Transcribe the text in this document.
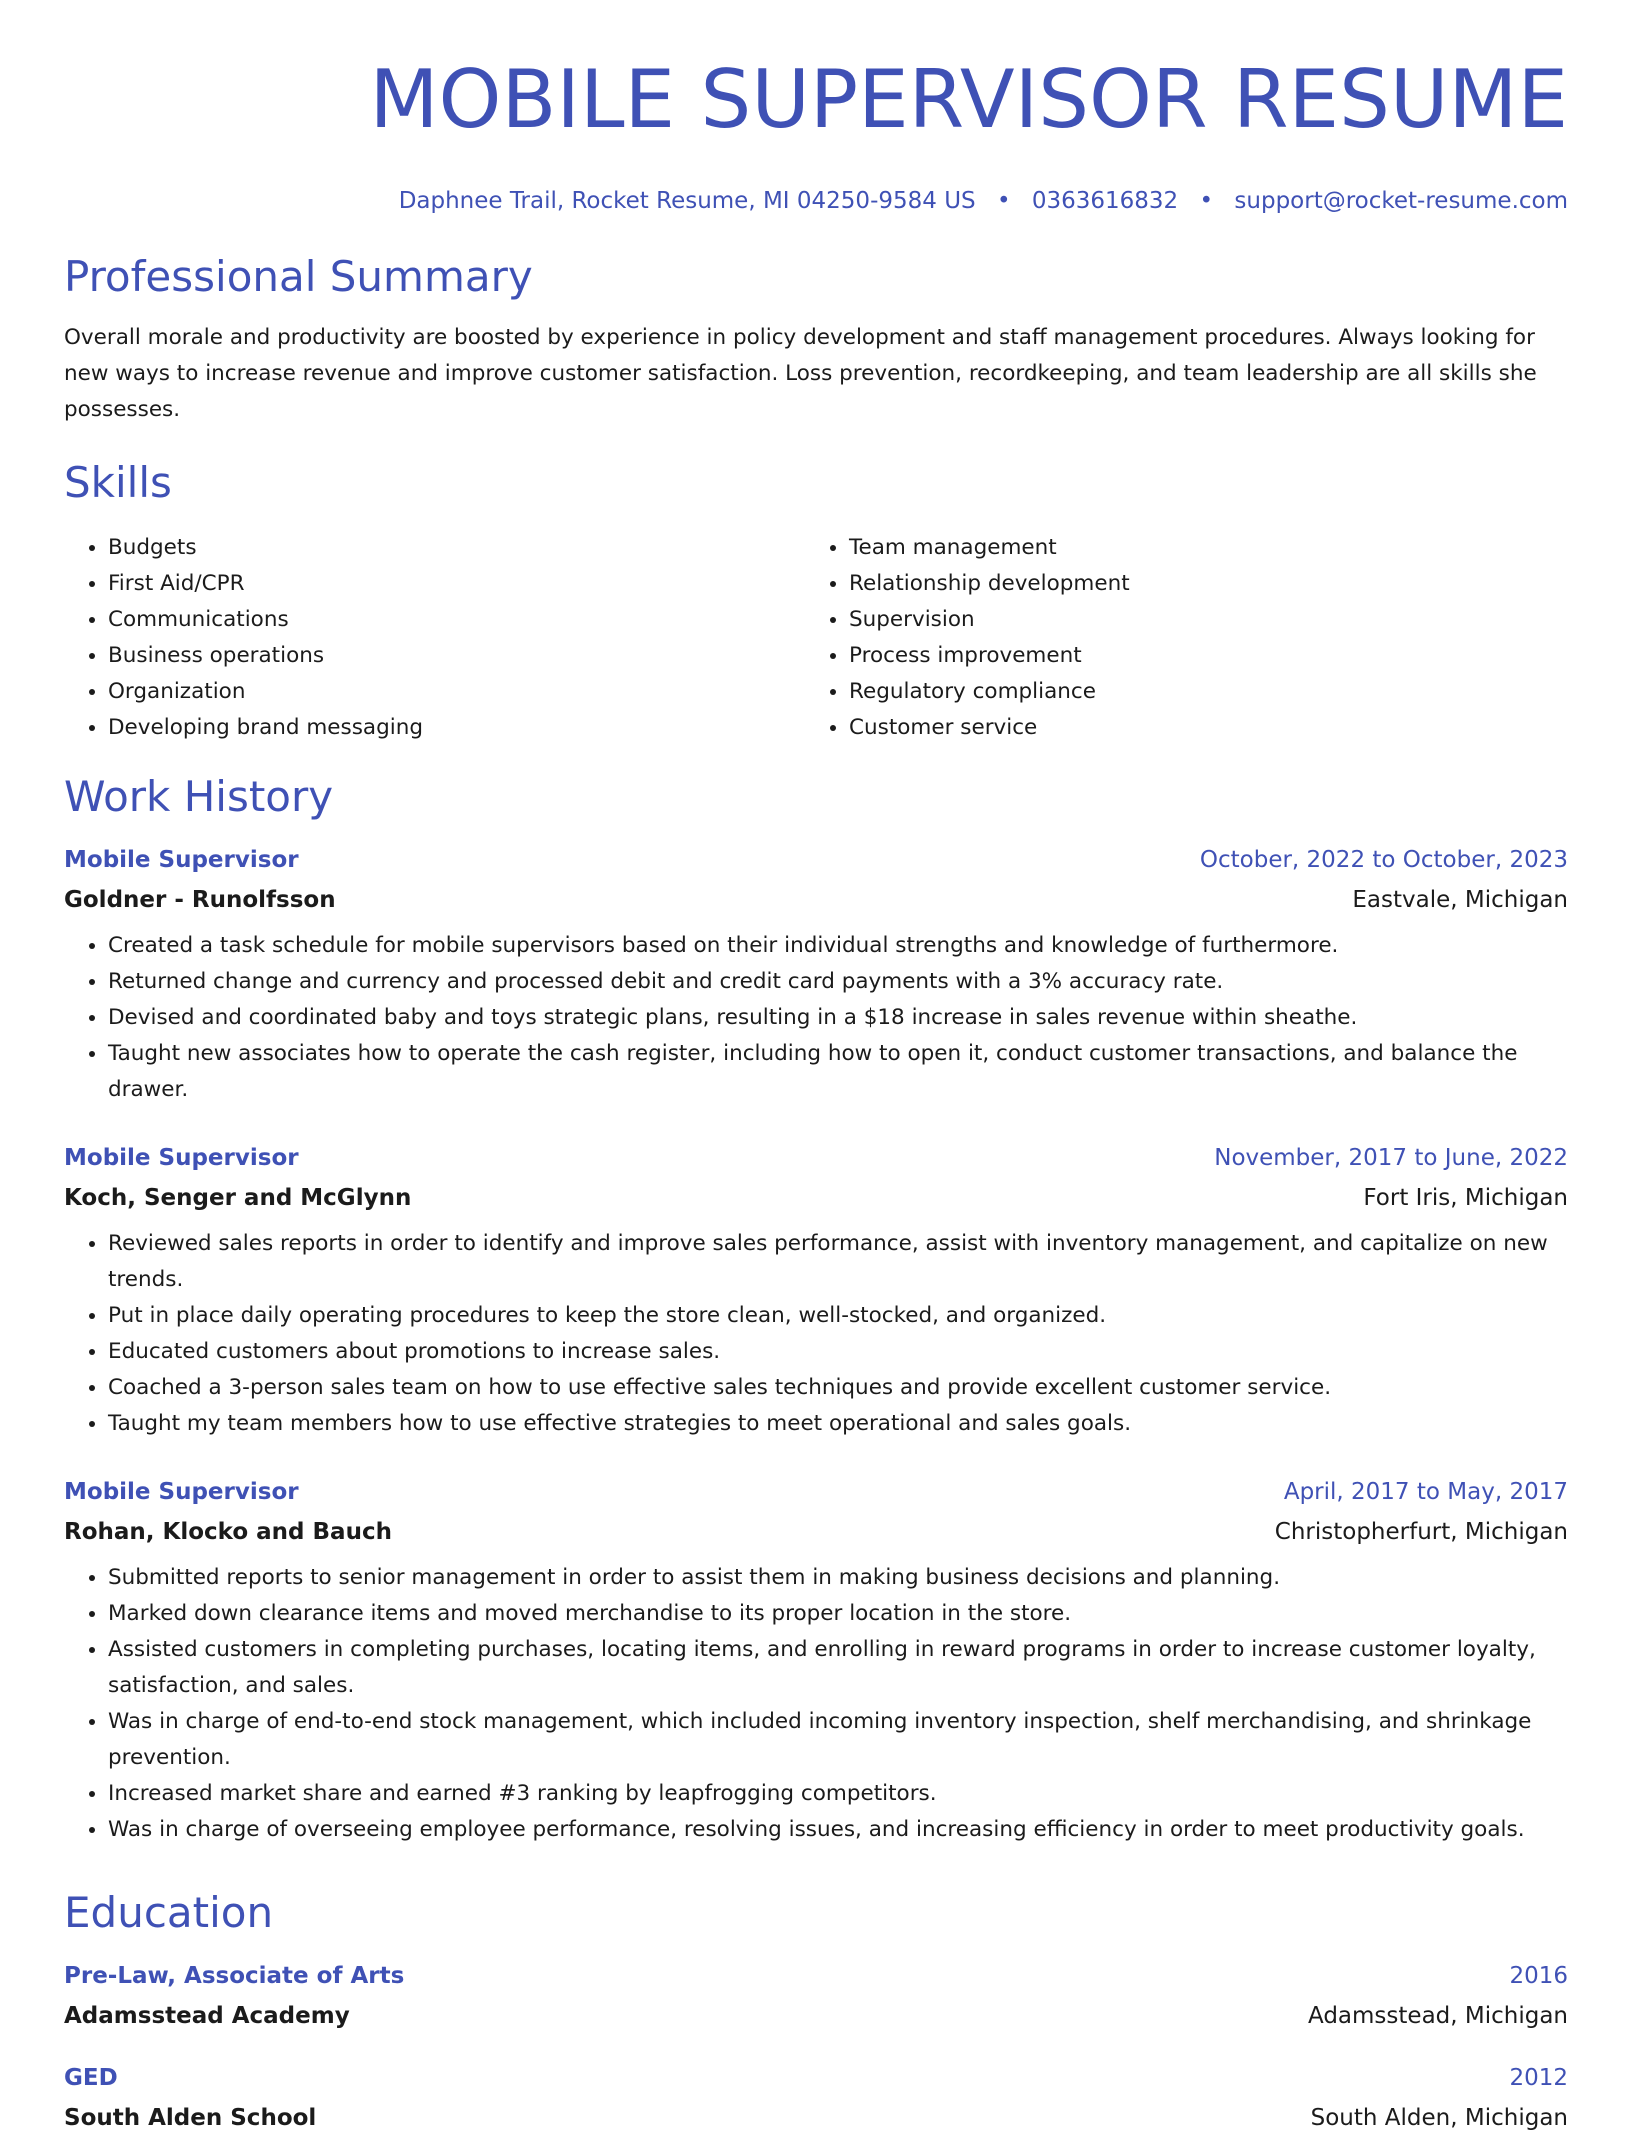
MOBILE SUPERVISOR RESUME
Daphnee Trail, Rocket Resume, MI 04250-9584 US • 0363616832 • support@rocket-resume.com
Professional Summary
Overall morale and productivity are boosted by experience in policy development and staff management procedures. Always looking for new ways to increase revenue and improve customer satisfaction. Loss prevention, recordkeeping, and team leadership are all skills she possesses.
Skills
• Budgets
• First Aid/CPR
• Communications
• Business operations
• Organization
• Developing brand messaging
• Team management
• Relationship development
• Supervision
• Process improvement
• Regulatory compliance
• Customer service
Work History
Mobile Supervisor	October, 2022 to October, 2023
Goldner - Runolfsson	Eastvale, Michigan
• Created a task schedule for mobile supervisors based on their individual strengths and knowledge of furthermore.
• Returned change and currency and processed debit and credit card payments with a 3% accuracy rate.
• Devised and coordinated baby and toys strategic plans, resulting in a $18 increase in sales revenue within sheathe.
• Taught new associates how to operate the cash register, including how to open it, conduct customer transactions, and balance the drawer.
Mobile Supervisor	November, 2017 to June, 2022
Koch, Senger and McGlynn	Fort Iris, Michigan
• Reviewed sales reports in order to identify and improve sales performance, assist with inventory management, and capitalize on new trends.
• Put in place daily operating procedures to keep the store clean, well-stocked, and organized.
• Educated customers about promotions to increase sales.
• Coached a 3-person sales team on how to use effective sales techniques and provide excellent customer service.
• Taught my team members how to use effective strategies to meet operational and sales goals.
Mobile Supervisor	April, 2017 to May, 2017
Rohan, Klocko and Bauch	Christopherfurt, Michigan
• Submitted reports to senior management in order to assist them in making business decisions and planning.
• Marked down clearance items and moved merchandise to its proper location in the store.
• Assisted customers in completing purchases, locating items, and enrolling in reward programs in order to increase customer loyalty, satisfaction, and sales.
• Was in charge of end-to-end stock management, which included incoming inventory inspection, shelf merchandising, and shrinkage prevention.
• Increased market share and earned #3 ranking by leapfrogging competitors.
• Was in charge of overseeing employee performance, resolving issues, and increasing efficiency in order to meet productivity goals.
Education
Pre-Law, Associate of Arts	2016
Adamsstead Academy	Adamsstead, Michigan
GED	2012
South Alden School	South Alden, Michigan
